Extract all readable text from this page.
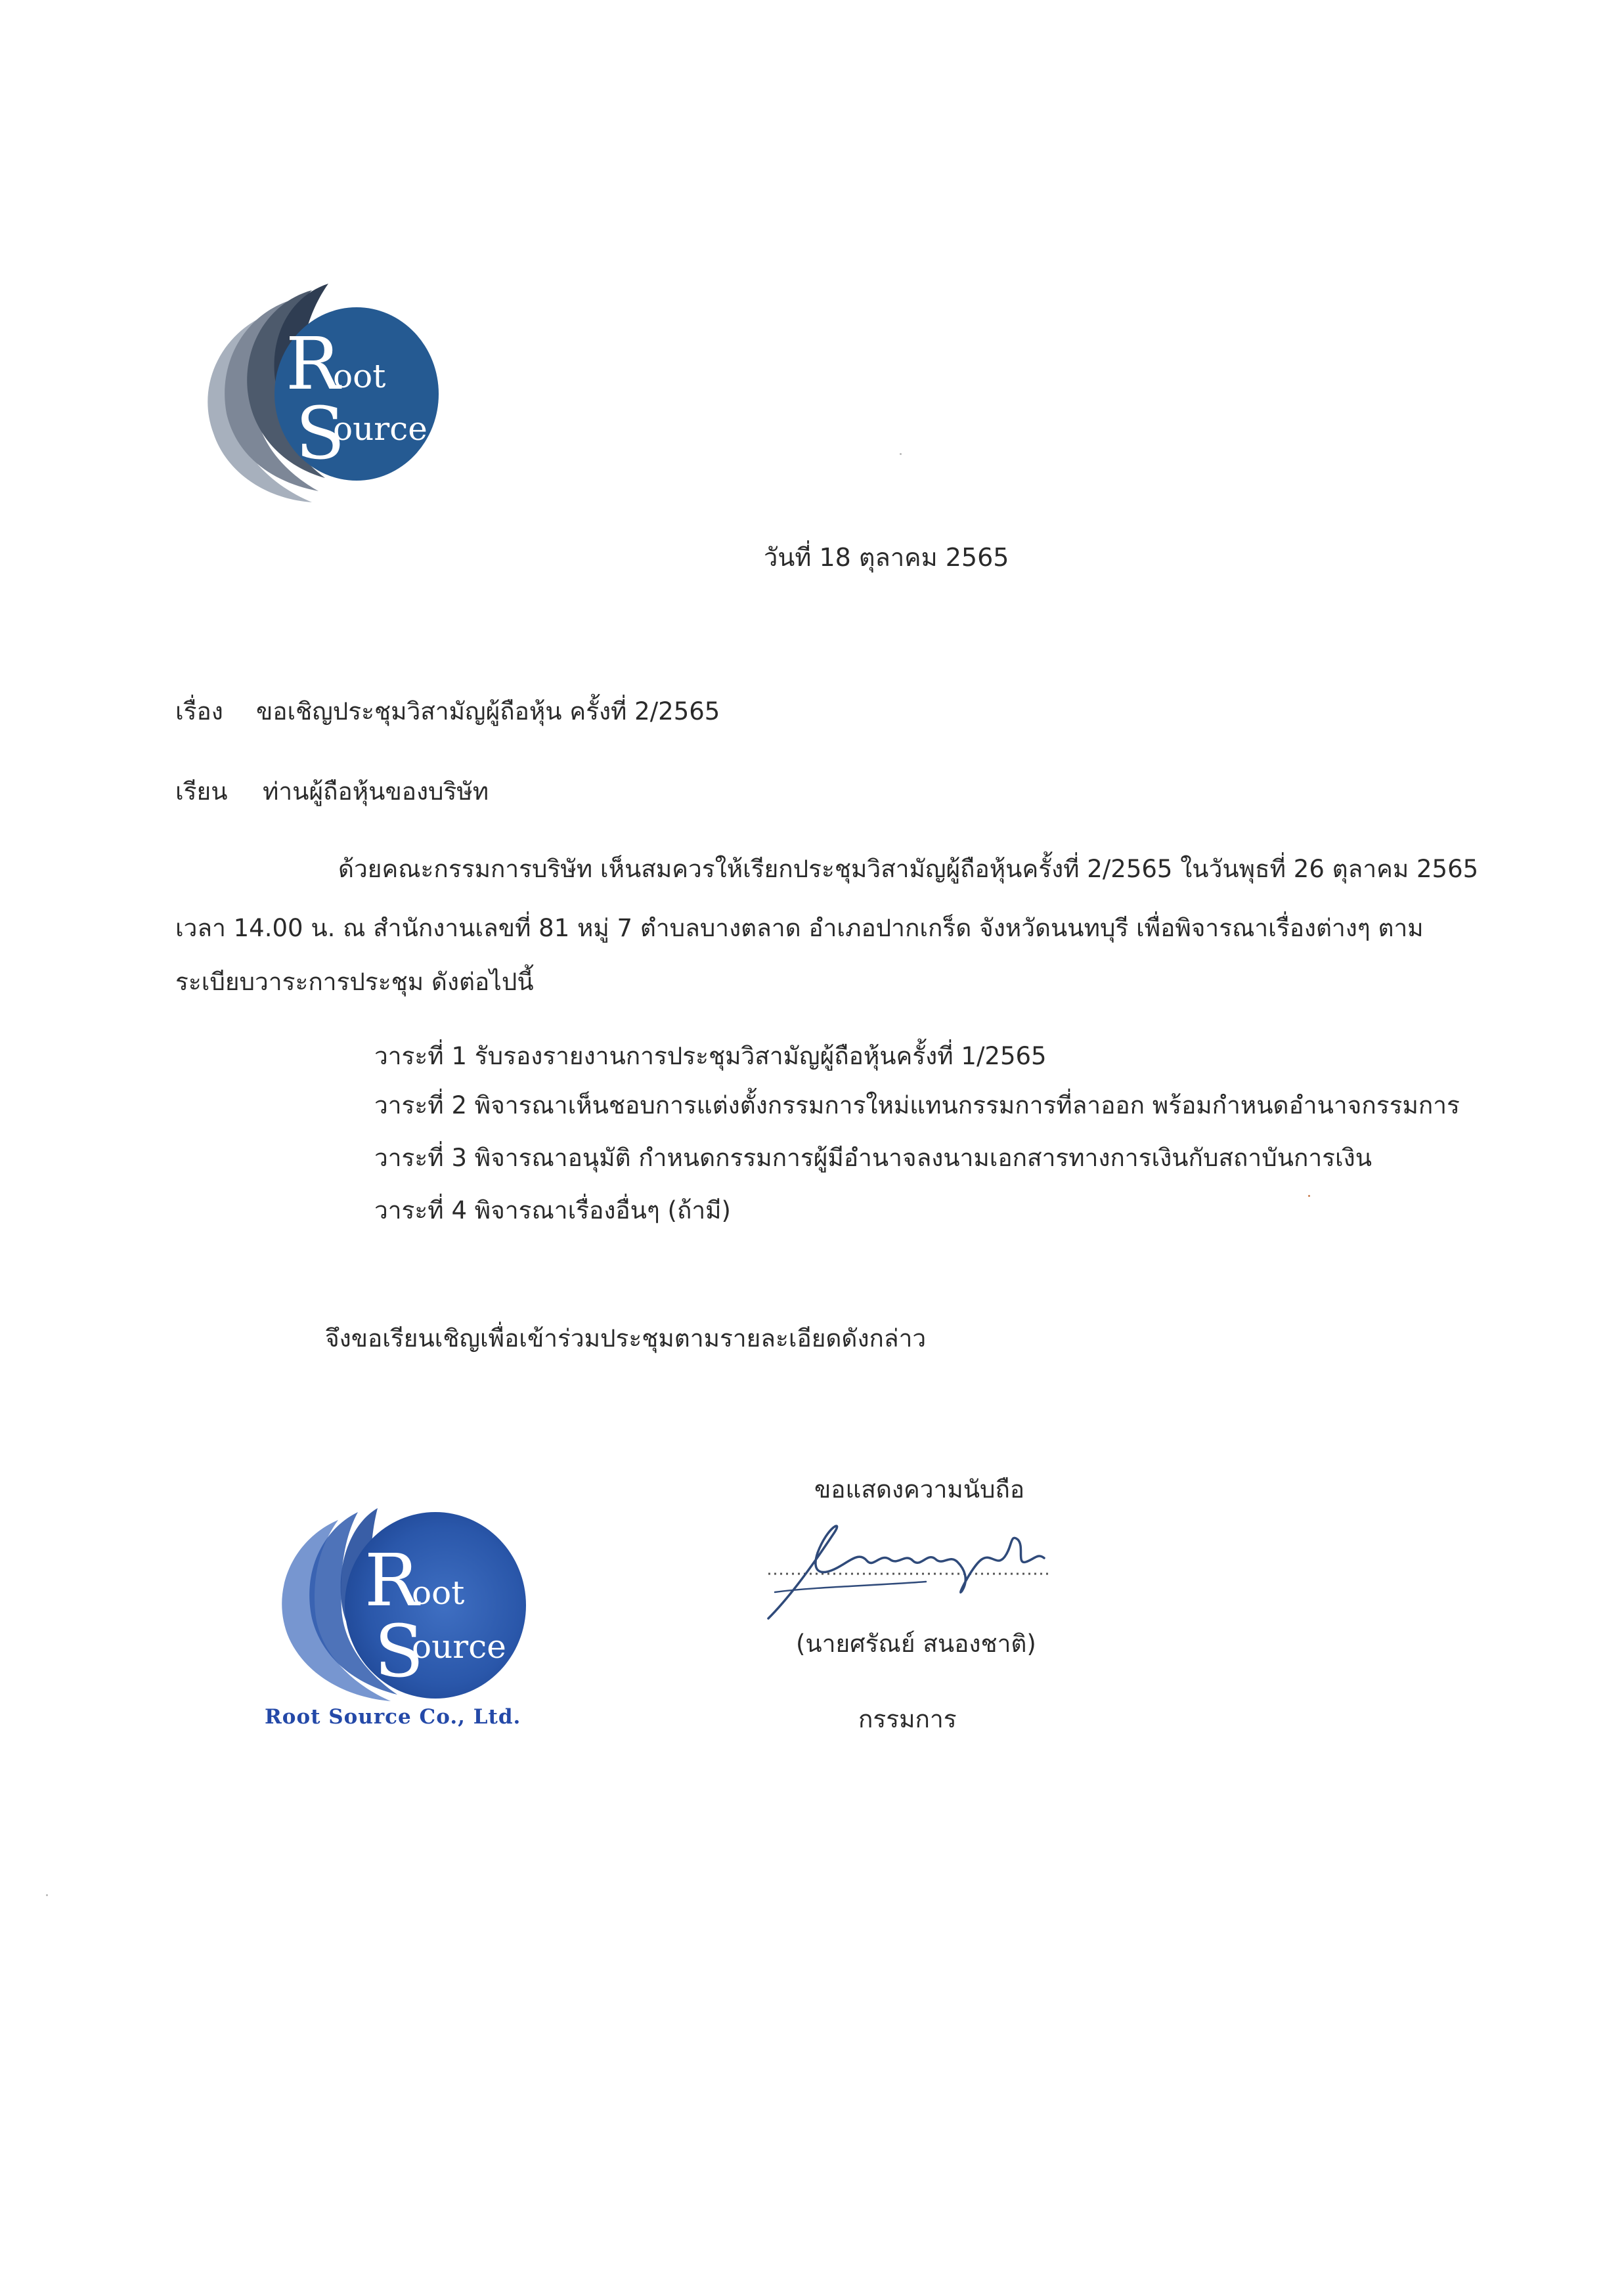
R
oot
S
ource
วันที่ 18 ตุลาคม 2565
เรื่อง ขอเชิญประชุมวิสามัญผู้ถือหุ้น ครั้งที่ 2/2565
เรียน ท่านผู้ถือหุ้นของบริษัท
ด้วยคณะกรรมการบริษัท เห็นสมควรให้เรียกประชุมวิสามัญผู้ถือหุ้นครั้งที่ 2/2565 ในวันพุธที่ 26 ตุลาคม 2565
เวลา 14.00 น. ณ สำนักงานเลขที่ 81 หมู่ 7 ตำบลบางตลาด อำเภอปากเกร็ด จังหวัดนนทบุรี เพื่อพิจารณาเรื่องต่างๆ ตาม
ระเบียบวาระการประชุม ดังต่อไปนี้
วาระที่ 1 รับรองรายงานการประชุมวิสามัญผู้ถือหุ้นครั้งที่ 1/2565
วาระที่ 2 พิจารณาเห็นชอบการแต่งตั้งกรรมการใหม่แทนกรรมการที่ลาออก พร้อมกำหนดอำนาจกรรมการ
วาระที่ 3 พิจารณาอนุมัติ กำหนดกรรมการผู้มีอำนาจลงนามเอกสารทางการเงินกับสถาบันการเงิน
วาระที่ 4 พิจารณาเรื่องอื่นๆ (ถ้ามี)
จึงขอเรียนเชิญเพื่อเข้าร่วมประชุมตามรายละเอียดดังกล่าว
ขอแสดงความนับถือ
(นายศรัณย์ สนองชาติ)
กรรมการ
R
oot
S
ource
Root Source Co., Ltd.
